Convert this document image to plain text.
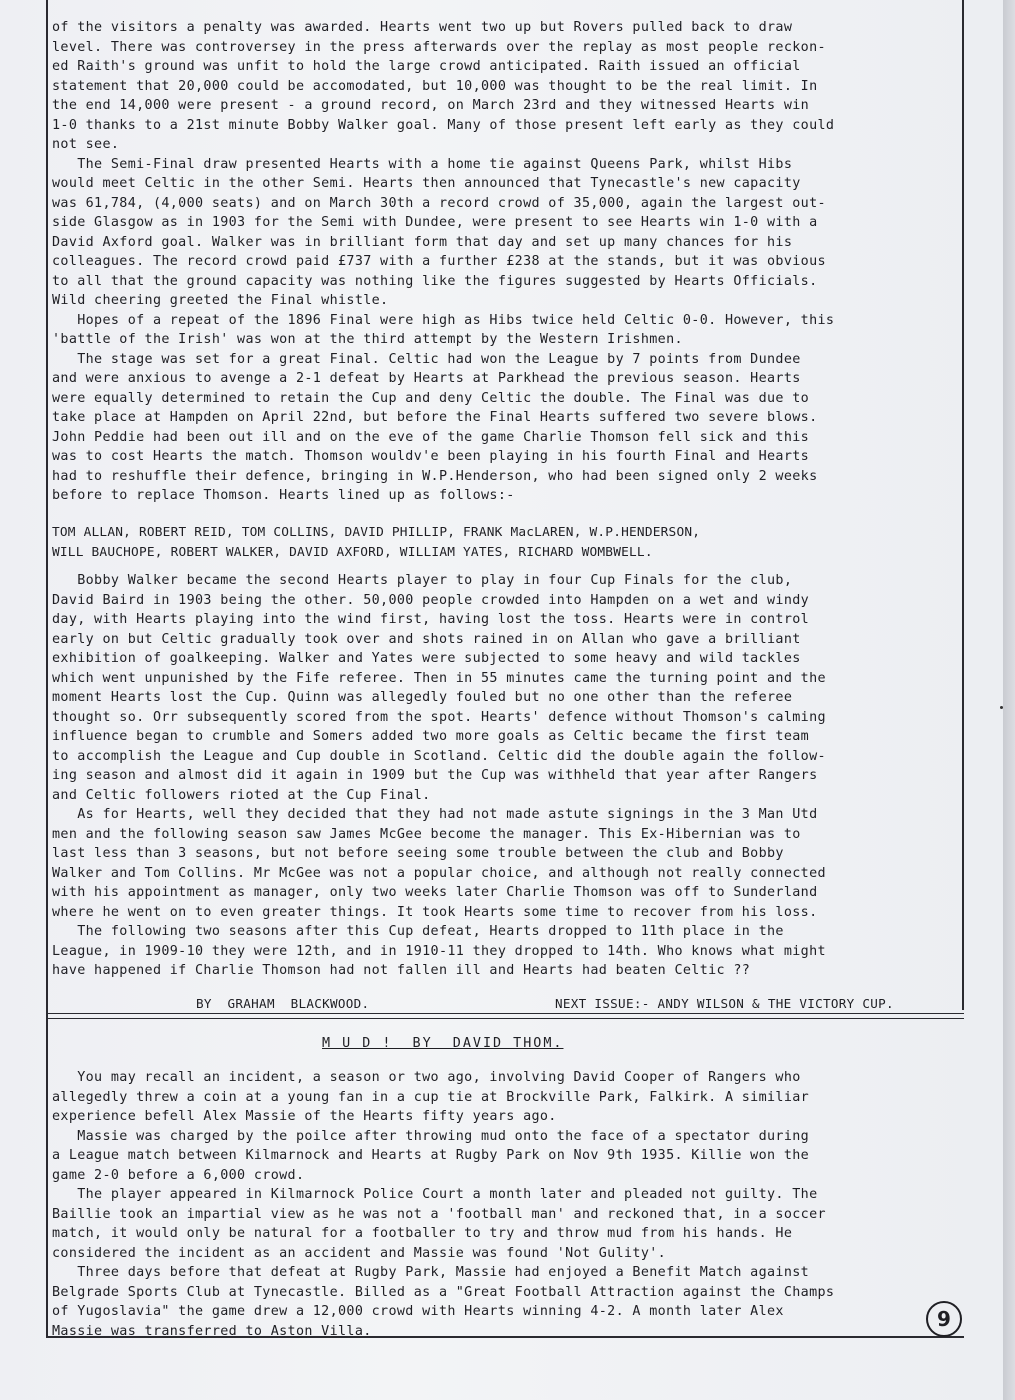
of the visitors a penalty was awarded. Hearts went two up but Rovers pulled back to draw
level. There was controversey in the press afterwards over the replay as most people reckon-
ed Raith's ground was unfit to hold the large crowd anticipated. Raith issued an official
statement that 20,000 could be accomodated, but 10,000 was thought to be the real limit. In
the end 14,000 were present - a ground record, on March 23rd and they witnessed Hearts win
1-0 thanks to a 21st minute Bobby Walker goal. Many of those present left early as they could
not see.
The Semi-Final draw presented Hearts with a home tie against Queens Park, whilst Hibs
would meet Celtic in the other Semi. Hearts then announced that Tynecastle's new capacity
was 61,784, (4,000 seats) and on March 30th a record crowd of 35,000, again the largest out-
side Glasgow as in 1903 for the Semi with Dundee, were present to see Hearts win 1-0 with a
David Axford goal. Walker was in brilliant form that day and set up many chances for his
colleagues. The record crowd paid £737 with a further £238 at the stands, but it was obvious
to all that the ground capacity was nothing like the figures suggested by Hearts Officials.
Wild cheering greeted the Final whistle.
Hopes of a repeat of the 1896 Final were high as Hibs twice held Celtic 0-0. However, this
'battle of the Irish' was won at the third attempt by the Western Irishmen.
The stage was set for a great Final. Celtic had won the League by 7 points from Dundee
and were anxious to avenge a 2-1 defeat by Hearts at Parkhead the previous season. Hearts
were equally determined to retain the Cup and deny Celtic the double. The Final was due to
take place at Hampden on April 22nd, but before the Final Hearts suffered two severe blows.
John Peddie had been out ill and on the eve of the game Charlie Thomson fell sick and this
was to cost Hearts the match. Thomson wouldv'e been playing in his fourth Final and Hearts
had to reshuffle their defence, bringing in W.P.Henderson, who had been signed only 2 weeks
before to replace Thomson. Hearts lined up as follows:-
TOM ALLAN, ROBERT REID, TOM COLLINS, DAVID PHILLIP, FRANK MacLAREN, W.P.HENDERSON,
WILL BAUCHOPE, ROBERT WALKER, DAVID AXFORD, WILLIAM YATES, RICHARD WOMBWELL.
Bobby Walker became the second Hearts player to play in four Cup Finals for the club,
David Baird in 1903 being the other. 50,000 people crowded into Hampden on a wet and windy
day, with Hearts playing into the wind first, having lost the toss. Hearts were in control
early on but Celtic gradually took over and shots rained in on Allan who gave a brilliant
exhibition of goalkeeping. Walker and Yates were subjected to some heavy and wild tackles
which went unpunished by the Fife referee. Then in 55 minutes came the turning point and the
moment Hearts lost the Cup. Quinn was allegedly fouled but no one other than the referee
thought so. Orr subsequently scored from the spot. Hearts' defence without Thomson's calming
influence began to crumble and Somers added two more goals as Celtic became the first team
to accomplish the League and Cup double in Scotland. Celtic did the double again the follow-
ing season and almost did it again in 1909 but the Cup was withheld that year after Rangers
and Celtic followers rioted at the Cup Final.
As for Hearts, well they decided that they had not made astute signings in the 3 Man Utd
men and the following season saw James McGee become the manager. This Ex-Hibernian was to
last less than 3 seasons, but not before seeing some trouble between the club and Bobby
Walker and Tom Collins. Mr McGee was not a popular choice, and although not really connected
with his appointment as manager, only two weeks later Charlie Thomson was off to Sunderland
where he went on to even greater things. It took Hearts some time to recover from his loss.
The following two seasons after this Cup defeat, Hearts dropped to 11th place in the
League, in 1909-10 they were 12th, and in 1910-11 they dropped to 14th. Who knows what might
have happened if Charlie Thomson had not fallen ill and Hearts had beaten Celtic ??
BY  GRAHAM  BLACKWOOD.	NEXT ISSUE:- ANDY WILSON & THE VICTORY CUP.
M U D !  BY  DAVID THOM.
You may recall an incident, a season or two ago, involving David Cooper of Rangers who
allegedly threw a coin at a young fan in a cup tie at Brockville Park, Falkirk. A similiar
experience befell Alex Massie of the Hearts fifty years ago.
Massie was charged by the poilce after throwing mud onto the face of a spectator during
a League match between Kilmarnock and Hearts at Rugby Park on Nov 9th 1935. Killie won the
game 2-0 before a 6,000 crowd.
The player appeared in Kilmarnock Police Court a month later and pleaded not guilty. The
Baillie took an impartial view as he was not a 'football man' and reckoned that, in a soccer
match, it would only be natural for a footballer to try and throw mud from his hands. He
considered the incident as an accident and Massie was found 'Not Gulity'.
Three days before that defeat at Rugby Park, Massie had enjoyed a Benefit Match against
Belgrade Sports Club at Tynecastle. Billed as a "Great Football Attraction against the Champs
of Yugoslavia" the game drew a 12,000 crowd with Hearts winning 4-2. A month later Alex
Massie was transferred to Aston Villa.	9
